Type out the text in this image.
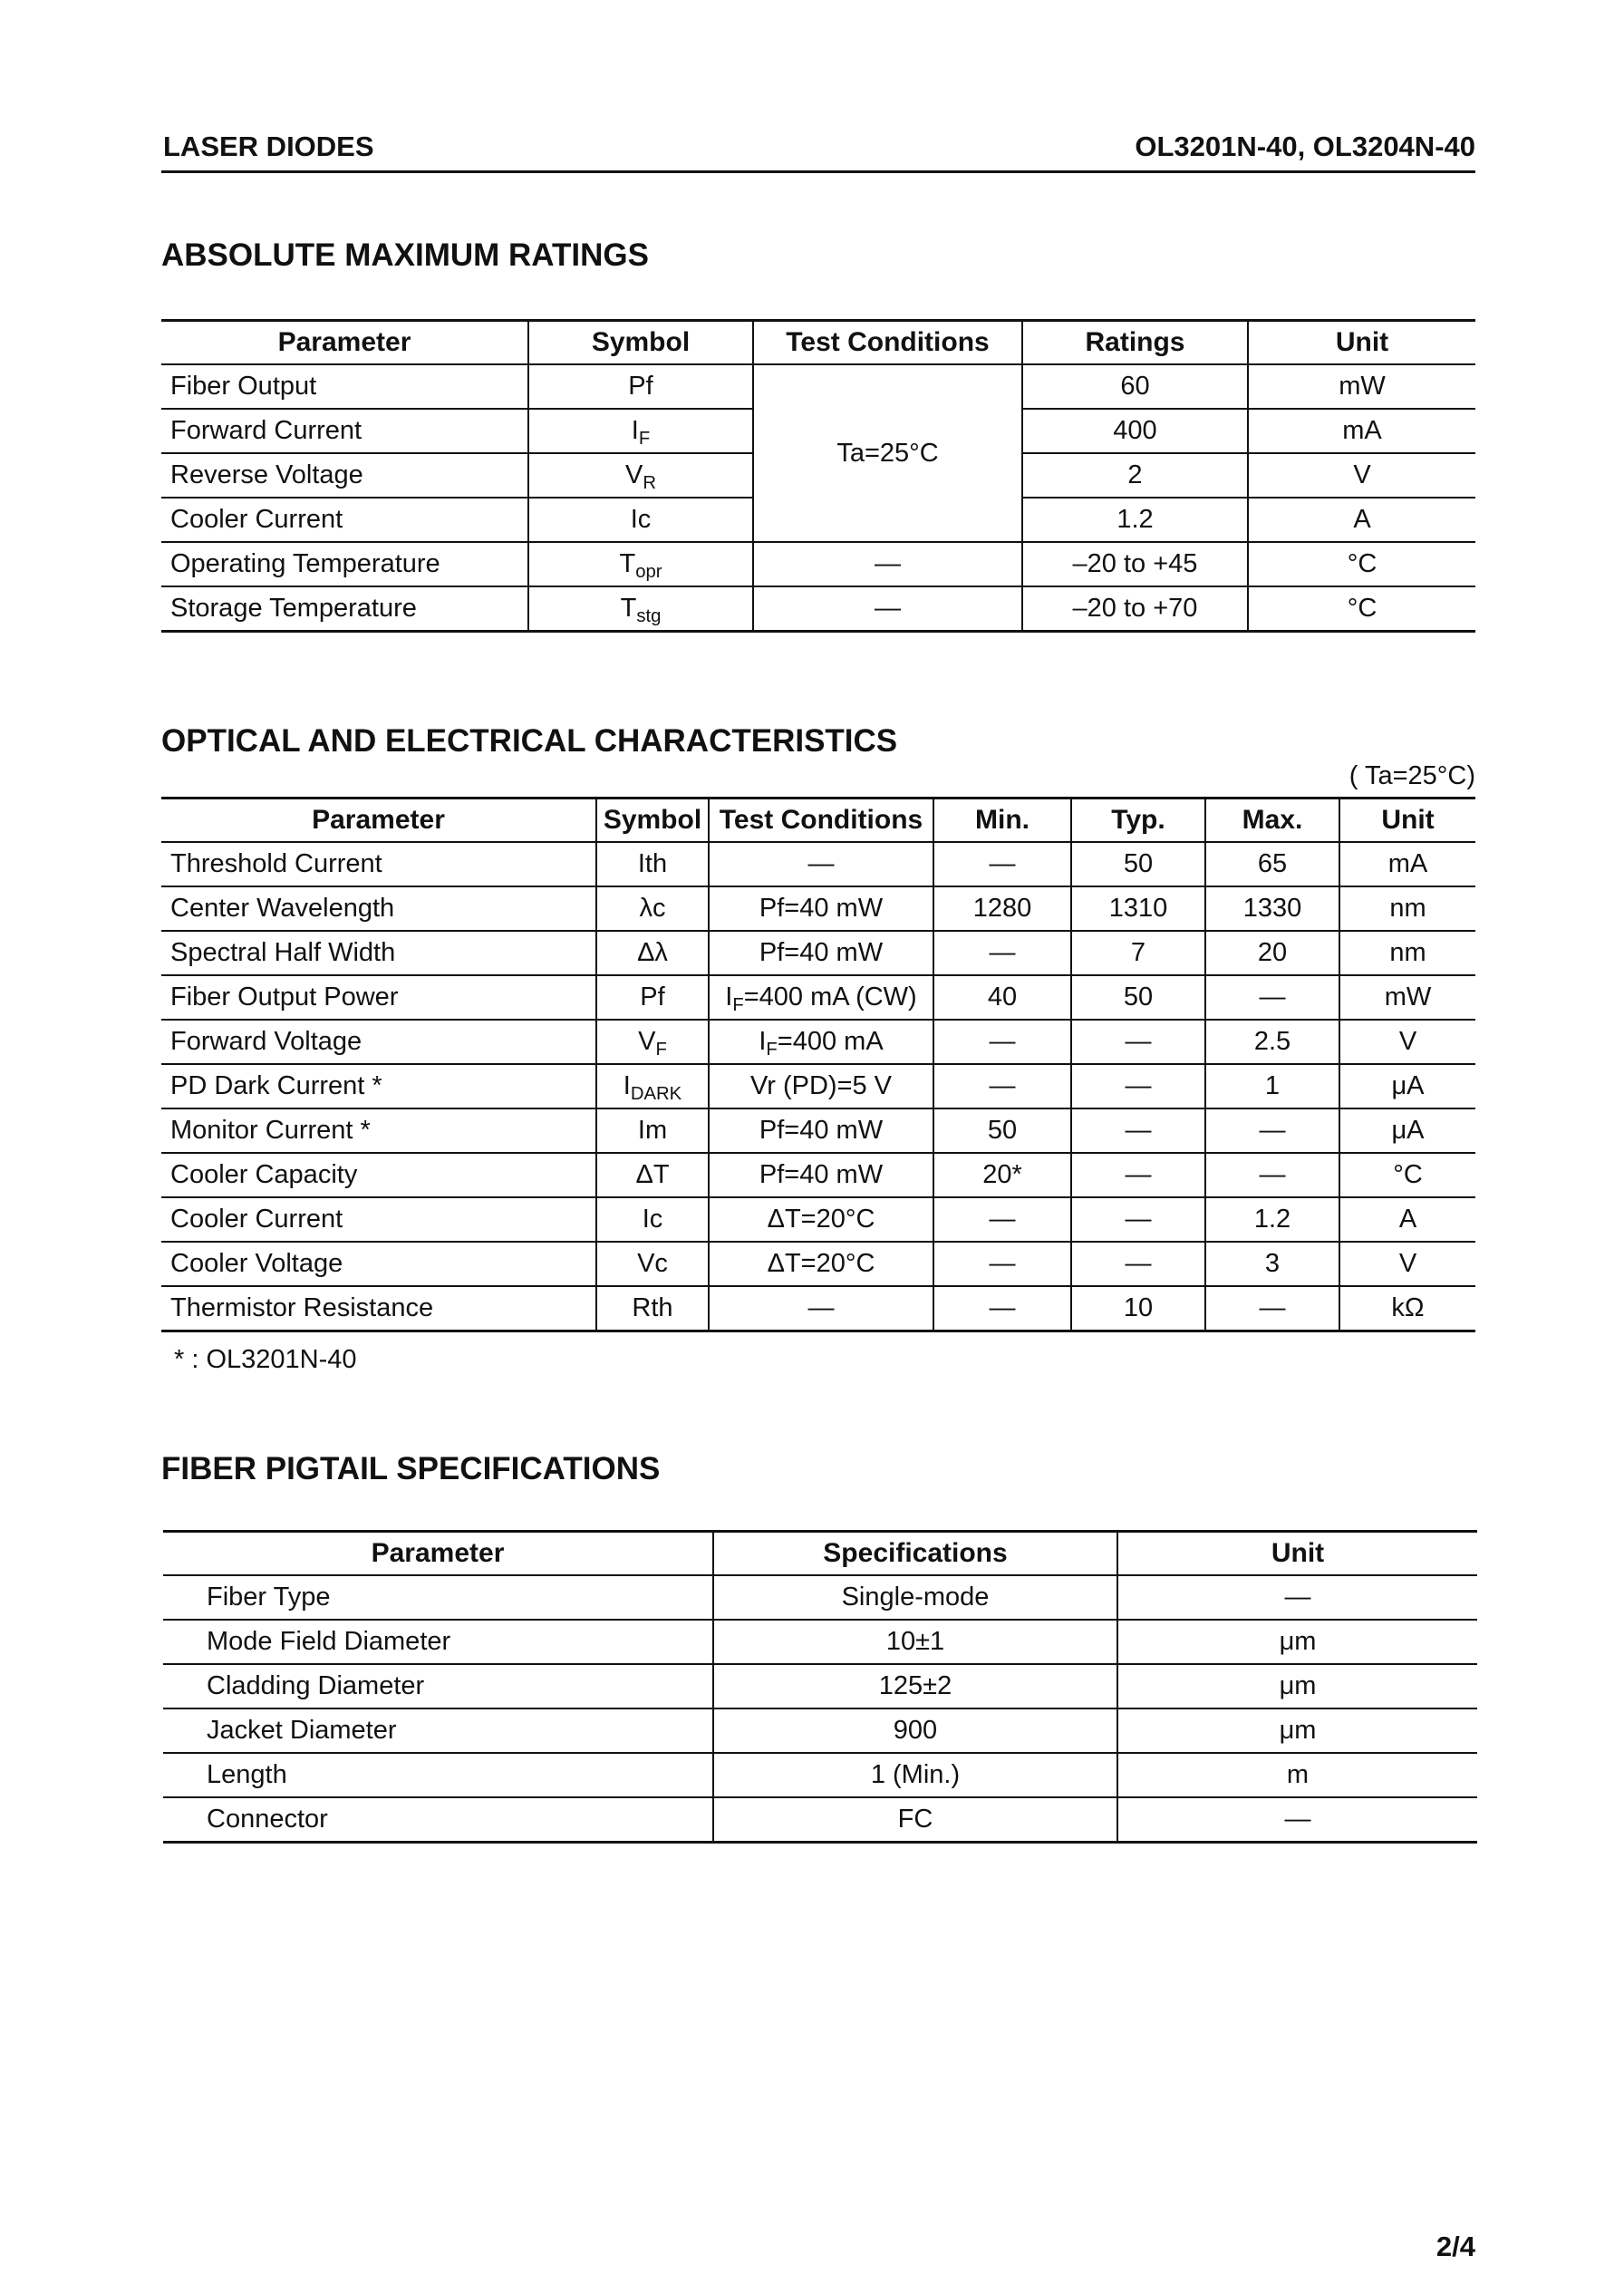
LASER DIODES	OL3201N-40, OL3204N-40
ABSOLUTE MAXIMUM RATINGS
Parameter	Symbol	Test Conditions	Ratings	Unit
Fiber Output	Pf	Ta=25°C	60	mW
Forward Current	$I_F$		400	mA
Reverse Voltage	$V_R$		2	V
Cooler Current	Ic		1.2	A
Operating Temperature	$T_{opr}$	—	–20 to +45	°C
Storage Temperature	$T_{stg}$	—	–20 to +70	°C
OPTICAL AND ELECTRICAL CHARACTERISTICS
( Ta=25°C)
Parameter	Symbol	Test Conditions	Min.	Typ.	Max.	Unit
Threshold Current	Ith	—	—	50	65	mA
Center Wavelength	λc	Pf=40 mW	1280	1310	1330	nm
Spectral Half Width	Δλ	Pf=40 mW	—	7	20	nm
Fiber Output Power	Pf	$I_F=400$ mA (CW)	40	50	—	mW
Forward Voltage	$V_F$	$I_F=400$ mA	—	—	2.5	V
PD Dark Current *	$I_{DARK}$	Vr (PD)=5 V	—	—	1	μA
Monitor Current *	Im	Pf=40 mW	50	—	—	μA
Cooler Capacity	ΔT	Pf=40 mW	20*	—	—	°C
Cooler Current	Ic	ΔT=20°C	—	—	1.2	A
Cooler Voltage	Vc	ΔT=20°C	—	—	3	V
Thermistor Resistance	Rth	—	—	10	—	kΩ
* : OL3201N-40
FIBER PIGTAIL SPECIFICATIONS
Parameter	Specifications	Unit
Fiber Type	Single-mode	—
Mode Field Diameter	10±1	μm
Cladding Diameter	125±2	μm
Jacket Diameter	900	μm
Length	1 (Min.)	m
Connector	FC	—
2/4
